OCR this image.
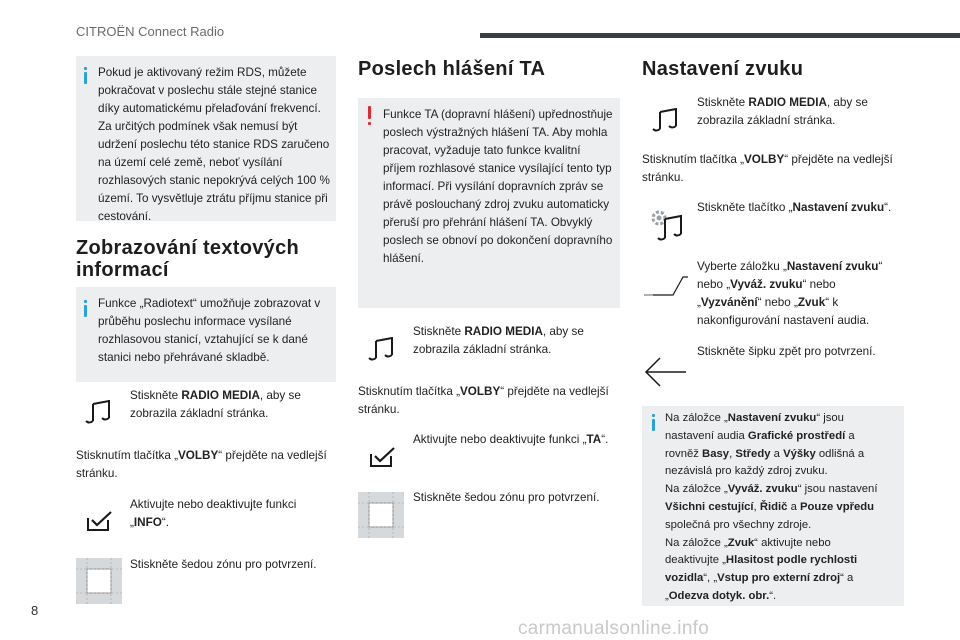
CITROËN Connect Radio

Pokud je aktivovaný režim RDS, můžete pokračovat v poslechu stále stejné stanice díky automatickému přelaďování frekvencí. Za určitých podmínek však nemusí být udržení poslechu této stanice RDS zaručeno na území celé země, neboť vysílání rozhlasových stanic nepokrývá celých 100 % území. To vysvětluje ztrátu příjmu stanice při cestování.

Zobrazování textových informací

Funkce „Radiotext“ umožňuje zobrazovat v průběhu poslechu informace vysílané rozhlasovou stanicí, vztahující se k dané stanici nebo přehrávané skladbě.

Stiskněte RADIO MEDIA, aby se zobrazila základní stránka.
Stisknutím tlačítka „VOLBY“ přejděte na vedlejší stránku.
Aktivujte nebo deaktivujte funkci „INFO“.
Stiskněte šedou zónu pro potvrzení.
Poslech hlášení TA

Funkce TA (dopravní hlášení) upřednostňuje poslech výstražných hlášení TA. Aby mohla pracovat, vyžaduje tato funkce kvalitní příjem rozhlasové stanice vysílající tento typ informací. Při vysílání dopravních zpráv se právě poslouchaný zdroj zvuku automaticky přeruší pro přehrání hlášení TA. Obvyklý poslech se obnoví po dokončení dopravního hlášení.

Stiskněte RADIO MEDIA, aby se zobrazila základní stránka.
Stisknutím tlačítka „VOLBY“ přejděte na vedlejší stránku.
Aktivujte nebo deaktivujte funkci „TA“.
Stiskněte šedou zónu pro potvrzení.
Nastavení zvuku
Stiskněte RADIO MEDIA, aby se zobrazila základní stránka.
Stisknutím tlačítka „VOLBY“ přejděte na vedlejší stránku.
Stiskněte tlačítko „Nastavení zvuku“.
Vyberte záložku „Nastavení zvuku“ nebo „Vyváž. zvuku“ nebo „Vyzvánění“ nebo „Zvuk“ k nakonfigurování nastavení audia.
Stiskněte šipku zpět pro potvrzení.

Na záložce „Nastavení zvuku“ jsou
nastavení audia Grafické prostředí a
rovněž Basy, Středy a Výšky odlišná a
nezávislá pro každý zdroj zvuku.
Na záložce „Vyváž. zvuku“ jsou nastavení
Všichni cestující, Řidič a Pouze vpředu
společná pro všechny zdroje.
Na záložce „Zvuk“ aktivujte nebo
deaktivujte „Hlasitost podle rychlosti
vozidla“, „Vstup pro externí zdroj“ a
„Odezva dotyk. obr.“.

8
carmanualsonline.info
